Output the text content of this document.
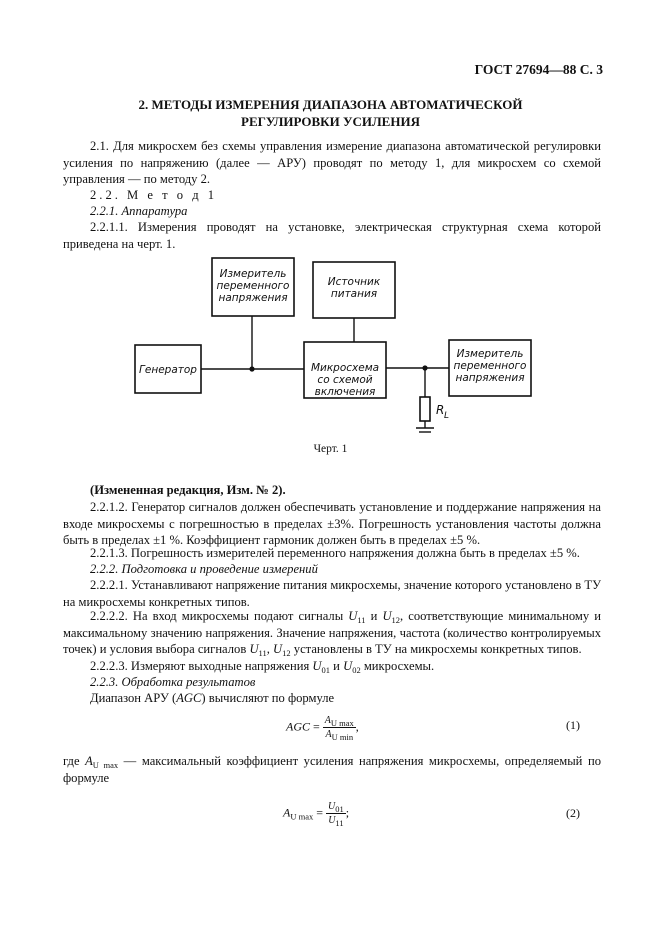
ГОСТ 27694—88 С. 3
2. МЕТОДЫ ИЗМЕРЕНИЯ ДИАПАЗОНА АВТОМАТИЧЕСКОЙ
РЕГУЛИРОВКИ УСИЛЕНИЯ

2.1. Для микросхем без схемы управления измерение диапазона автоматической регулировки усиления по напряжению (далее — АРУ) проводят по методу 1, для микросхем со схемой управления — по методу 2.

2.2. М е т о д 1

2.2.1. Аппаратура

2.2.1.1. Измерения проводят на установке, электрическая структурная схема которой приведена на черт. 1.

Измеритель
переменного
напряжения
Источник
питания
Генератор	Микросхема
со схемой
включения
Измеритель
переменного
напряжения
R L
Черт. 1

(Измененная редакция, Изм. № 2).

2.2.1.2. Генератор сигналов должен обеспечивать установление и поддержание напряжения на входе микросхемы с погрешностью в пределах ±3%. Погрешность установления частоты должна быть в пределах ±1 %. Коэффициент гармоник должен быть в пределах ±5 %.

2.2.1.3. Погрешность измерителей переменного напряжения должна быть в пределах ±5 %.

2.2.2. Подготовка и проведение измерений

2.2.2.1. Устанавливают напряжение питания микросхемы, значение которого установлено в ТУ на микросхемы конкретных типов.

2.2.2.2. На вход микросхемы подают сигналы $U_{11}$ и $U_{12}$, соответствующие минимальному и максимальному значению напряжения. Значение напряжения, частота (количество контролируемых точек) и условия выбора сигналов $U_{11}$, $U_{12}$ установлены в ТУ на микросхемы конкретных типов.

2.2.2.3. Измеряют выходные напряжения $U_{01}$ и $U_{02}$ микросхемы.

2.2.3. Обработка результатов

Диапазон АРУ (AGC) вычисляют по формуле

AGC = $\frac{A_{U max}}{A_{U min}}$ ,	(1)

где $A_{U max}$ — максимальный коэффициент усиления напряжения микросхемы, определяемый по формуле

$A_{U max} = \frac{U_{01}}{U_{11}}$ ;	(2)
